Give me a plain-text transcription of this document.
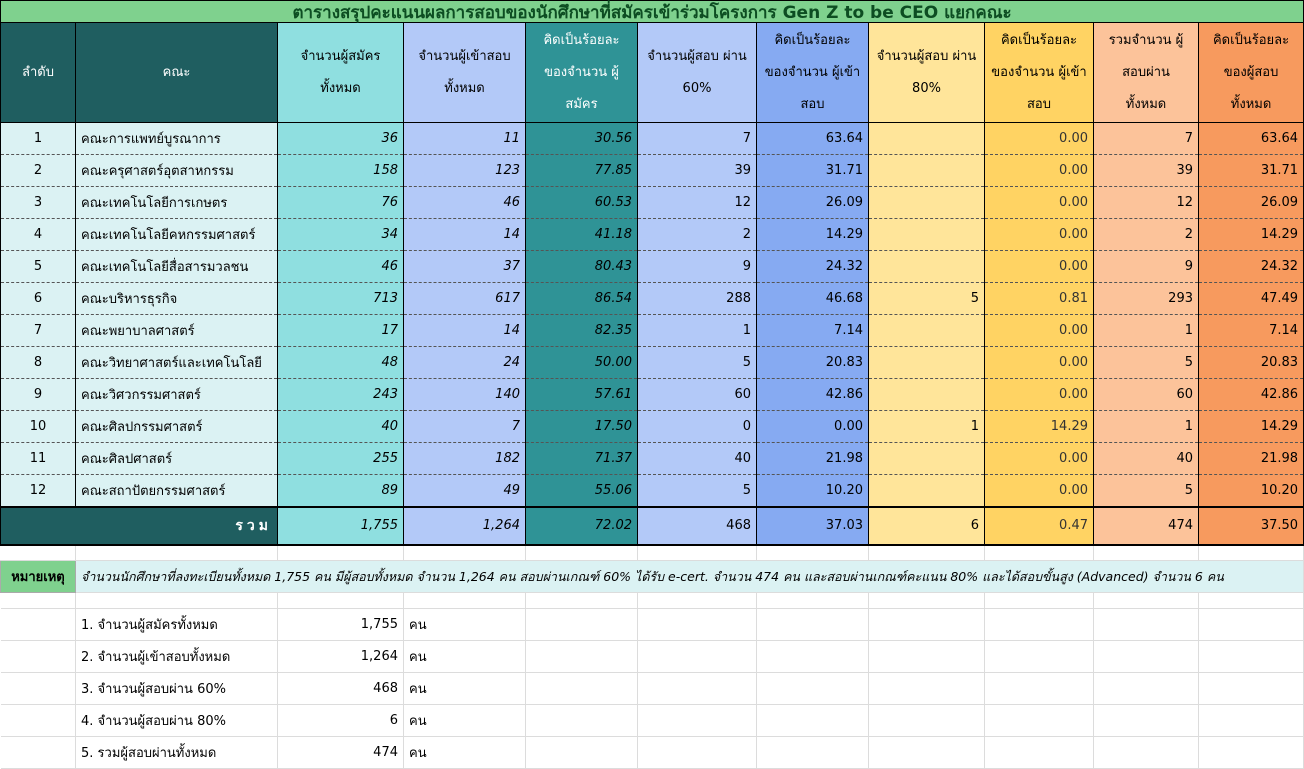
ตารางสรุปคะแนนผลการสอบของนักศึกษาที่สมัครเข้าร่วมโครงการ Gen Z to be CEO แยกคณะ										
ลำดับ	คณะ	จำนวนผู้สมัคร ทั้งหมด	จำนวนผู้เข้าสอบ ทั้งหมด	คิดเป็นร้อยละ ของจำนวน ผู้สมัคร	จำนวนผู้สอบ ผ่าน 60%	คิดเป็นร้อยละ ของจำนวน ผู้เข้าสอบ	จำนวนผู้สอบ ผ่าน 80%	คิดเป็นร้อยละ ของจำนวน ผู้เข้าสอบ	รวมจำนวน ผู้สอบผ่าน ทั้งหมด	คิดเป็นร้อยละ ของผู้สอบ ทั้งหมด
1	คณะการแพทย์บูรณาการ	36	11	30.56	7	63.64		0.00	7	63.64
2	คณะครุศาสตร์อุตสาหกรรม	158	123	77.85	39	31.71		0.00	39	31.71
3	คณะเทคโนโลยีการเกษตร	76	46	60.53	12	26.09		0.00	12	26.09
4	คณะเทคโนโลยีคหกรรมศาสตร์	34	14	41.18	2	14.29		0.00	2	14.29
5	คณะเทคโนโลยีสื่อสารมวลชน	46	37	80.43	9	24.32		0.00	9	24.32
6	คณะบริหารธุรกิจ	713	617	86.54	288	46.68	5	0.81	293	47.49
7	คณะพยาบาลศาสตร์	17	14	82.35	1	7.14		0.00	1	7.14
8	คณะวิทยาศาสตร์และเทคโนโลยี	48	24	50.00	5	20.83		0.00	5	20.83
9	คณะวิศวกรรมศาสตร์	243	140	57.61	60	42.86		0.00	60	42.86
10	คณะศิลปกรรมศาสตร์	40	7	17.50	0	0.00	1	14.29	1	14.29
11	คณะศิลปศาสตร์	255	182	71.37	40	21.98		0.00	40	21.98
12	คณะสถาปัตยกรรมศาสตร์	89	49	55.06	5	10.20		0.00	5	10.20
รวม		1,755	1,264	72.02	468	37.03	6	0.47	474	37.50

หมายเหตุ	จำนวนนักศึกษาที่ลงทะเบียนทั้งหมด 1,755 คน มีผู้สอบทั้งหมด จำนวน 1,264 คน สอบผ่านเกณฑ์ 60% ได้รับ e-cert. จำนวน 474 คน และสอบผ่านเกณฑ์คะแนน 80% และได้สอบขั้นสูง (Advanced) จำนวน 6 คน									

	1. จำนวนผู้สมัครทั้งหมด	1,755	คน							
	2. จำนวนผู้เข้าสอบทั้งหมด	1,264	คน							
	3. จำนวนผู้สอบผ่าน 60%	468	คน							
	4. จำนวนผู้สอบผ่าน 80%	6	คน							
	5. รวมผู้สอบผ่านทั้งหมด	474	คน							
